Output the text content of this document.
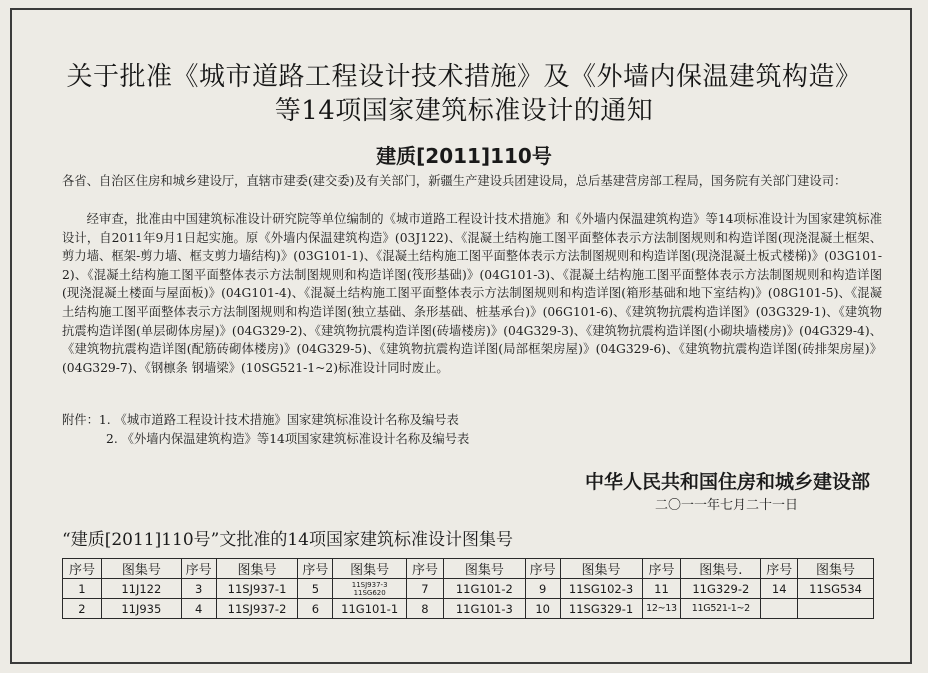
关于批准《城市道路工程设计技术措施》及《外墙内保温建筑构造》
等14项国家建筑标准设计的通知
建质[2011]110号
各省、自治区住房和城乡建设厅，直辖市建委(建交委)及有关部门，新疆生产建设兵团建设局，总后基建营房部工程局，国务院有关部门建设司：
经审查，批准由中国建筑标准设计研究院等单位编制的《城市道路工程设计技术措施》和《外墙内保温建筑构造》等14项标准设计为国家建筑标准设计，自2011年9月1日起实施。原《外墙内保温建筑构造》(03J122)、《混凝土结构施工图平面整体表示方法制图规则和构造详图(现浇混凝土框架、剪力墙、框架-剪力墙、框支剪力墙结构)》(03G101-1)、《混凝土结构施工图平面整体表示方法制图规则和构造详图(现浇混凝土板式楼梯)》(03G101-2)、《混凝土结构施工图平面整体表示方法制图规则和构造详图(筏形基础)》(04G101-3)、《混凝土结构施工图平面整体表示方法制图规则和构造详图(现浇混凝土楼面与屋面板)》(04G101-4)、《混凝土结构施工图平面整体表示方法制图规则和构造详图(箱形基础和地下室结构)》(08G101-5)、《混凝土结构施工图平面整体表示方法制图规则和构造详图(独立基础、条形基础、桩基承台)》(06G101-6)、《建筑物抗震构造详图》(03G329-1)、《建筑物抗震构造详图(单层砌体房屋)》(04G329-2)、《建筑物抗震构造详图(砖墙楼房)》(04G329-3)、《建筑物抗震构造详图(小砌块墙楼房)》(04G329-4)、《建筑物抗震构造详图(配筋砖砌体楼房)》(04G329-5)、《建筑物抗震构造详图(局部框架房屋)》(04G329-6)、《建筑物抗震构造详图(砖排架房屋)》(04G329-7)、《钢檩条 钢墙梁》(10SG521-1~2)标准设计同时废止。
附件：1. 《城市道路工程设计技术措施》国家建筑标准设计名称及编号表
2. 《外墙内保温建筑构造》等14项国家建筑标准设计名称及编号表
中华人民共和国住房和城乡建设部
二〇一一年七月二十一日
“建质[2011]110号”文批准的14项国家建筑标准设计图集号
序号	图集号	序号	图集号	序号	图集号	序号	图集号	序号	图集号	序号	图集号.	序号	图集号
1	11J122	3	11SJ937-1	5	11SJ937-3 11SG620	7	11G101-2	9	11SG102-3	11	11G329-2	14	11SG534
2	11J935	4	11SJ937-2	6	11G101-1	8	11G101-3	10	11SG329-1	12~13	11G521-1~2		
